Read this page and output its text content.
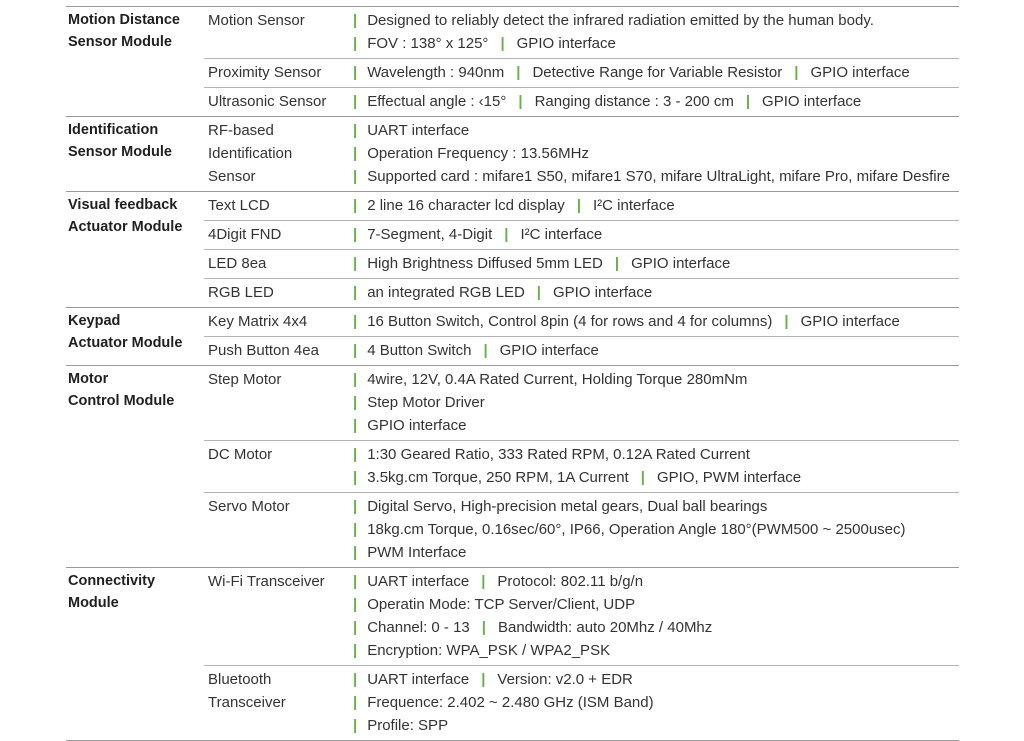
Motion Distance
Sensor Module
Motion Sensor	| Designed to reliably detect the infrared radiation emitted by the human body.
| FOV : 138° x 125° | GPIO interface
Proximity Sensor	| Wavelength : 940nm | Detective Range for Variable Resistor | GPIO interface
Ultrasonic Sensor	| Effectual angle : ‹15° | Ranging distance : 3 - 200 cm | GPIO interface
Identification
Sensor Module
RF-based
Identification
Sensor
| UART interface
| Operation Frequency : 13.56MHz
| Supported card : mifare1 S50, mifare1 S70, mifare UltraLight, mifare Pro, mifare Desfire
Visual feedback
Actuator Module
Text LCD	| 2 line 16 character lcd display | I²C interface
4Digit FND	| 7-Segment, 4-Digit | I²C interface
LED 8ea	| High Brightness Diffused 5mm LED | GPIO interface
RGB LED	| an integrated RGB LED | GPIO interface
Keypad
Actuator Module
Key Matrix 4x4	| 16 Button Switch, Control 8pin (4 for rows and 4 for columns) | GPIO interface
Push Button 4ea	| 4 Button Switch | GPIO interface
Motor
Control Module
Step Motor	| 4wire, 12V, 0.4A Rated Current, Holding Torque 280mNm
| Step Motor Driver
| GPIO interface
DC Motor	| 1:30 Geared Ratio, 333 Rated RPM, 0.12A Rated Current
| 3.5kg.cm Torque, 250 RPM, 1A Current | GPIO, PWM interface
Servo Motor	| Digital Servo, High-precision metal gears, Dual ball bearings
| 18kg.cm Torque, 0.16sec/60°, IP66, Operation Angle 180°(PWM500 ~ 2500usec)
| PWM Interface
Connectivity
Module
Wi-Fi Transceiver	| UART interface | Protocol: 802.11 b/g/n
| Operatin Mode: TCP Server/Client, UDP
| Channel: 0 - 13 | Bandwidth: auto 20Mhz / 40Mhz
| Encryption: WPA_PSK / WPA2_PSK
Bluetooth
Transceiver
| UART interface | Version: v2.0 + EDR
| Frequence: 2.402 ~ 2.480 GHz (ISM Band)
| Profile: SPP
